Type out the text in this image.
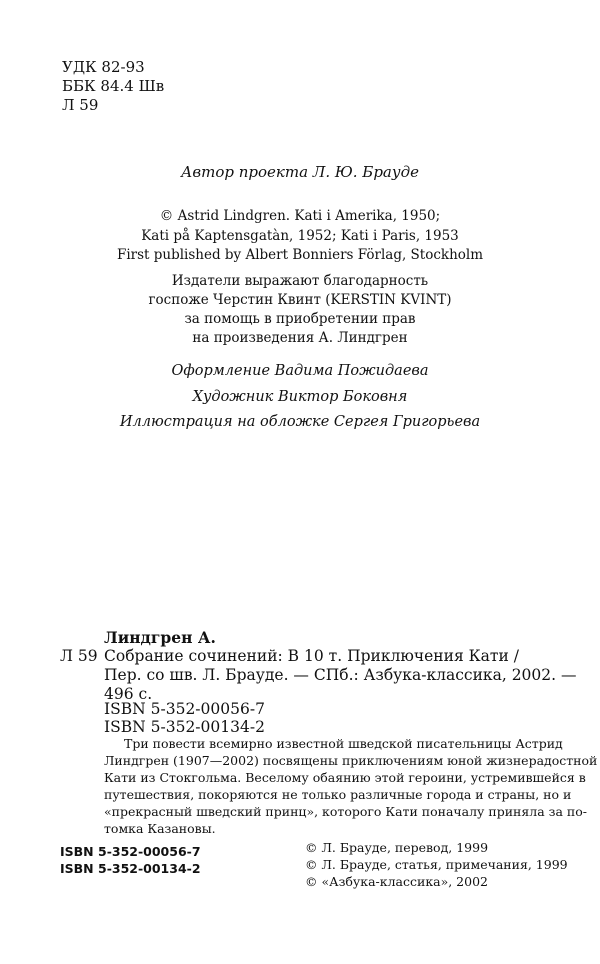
УДК 82-93
ББК 84.4 Шв
Л 59
Автор проекта Л. Ю. Брауде
© Astrid Lindgren. Kati i Amerika, 1950;
Kati på Kaptensgatàn, 1952; Kati i Paris, 1953
First published by Albert Bonniers Förlag, Stockholm
Издатели выражают благодарность
госпоже Черстин Квинт (KERSTIN KVINT)
за помощь в приобретении прав
на произведения А. Линдгрен
Оформление Вадима Пожидаева
Художник Виктор Боковня
Иллюстрация на обложке Сергея Григорьева
Линдгрен А.
Л 59 Собрание сочинений: В 10 т. Приключения Кати /
Пер. со шв. Л. Брауде. — СПб.: Азбука-классика, 2002. —
496 с.
ISBN 5-352-00056-7
ISBN 5-352-00134-2
Три повести всемирно известной шведской писательницы Астрид
Линдгрен (1907—2002) посвящены приключениям юной жизнерадостной
Кати из Стокгольма. Веселому обаянию этой героини, устремившейся в
путешествия, покоряются не только различные города и страны, но и
«прекрасный шведский принц», которого Кати поначалу приняла за по-
томка Казановы.
ISBN 5-352-00056-7
ISBN 5-352-00134-2
© Л. Брауде, перевод, 1999
© Л. Брауде, статья, примечания, 1999
© «Азбука-классика», 2002
